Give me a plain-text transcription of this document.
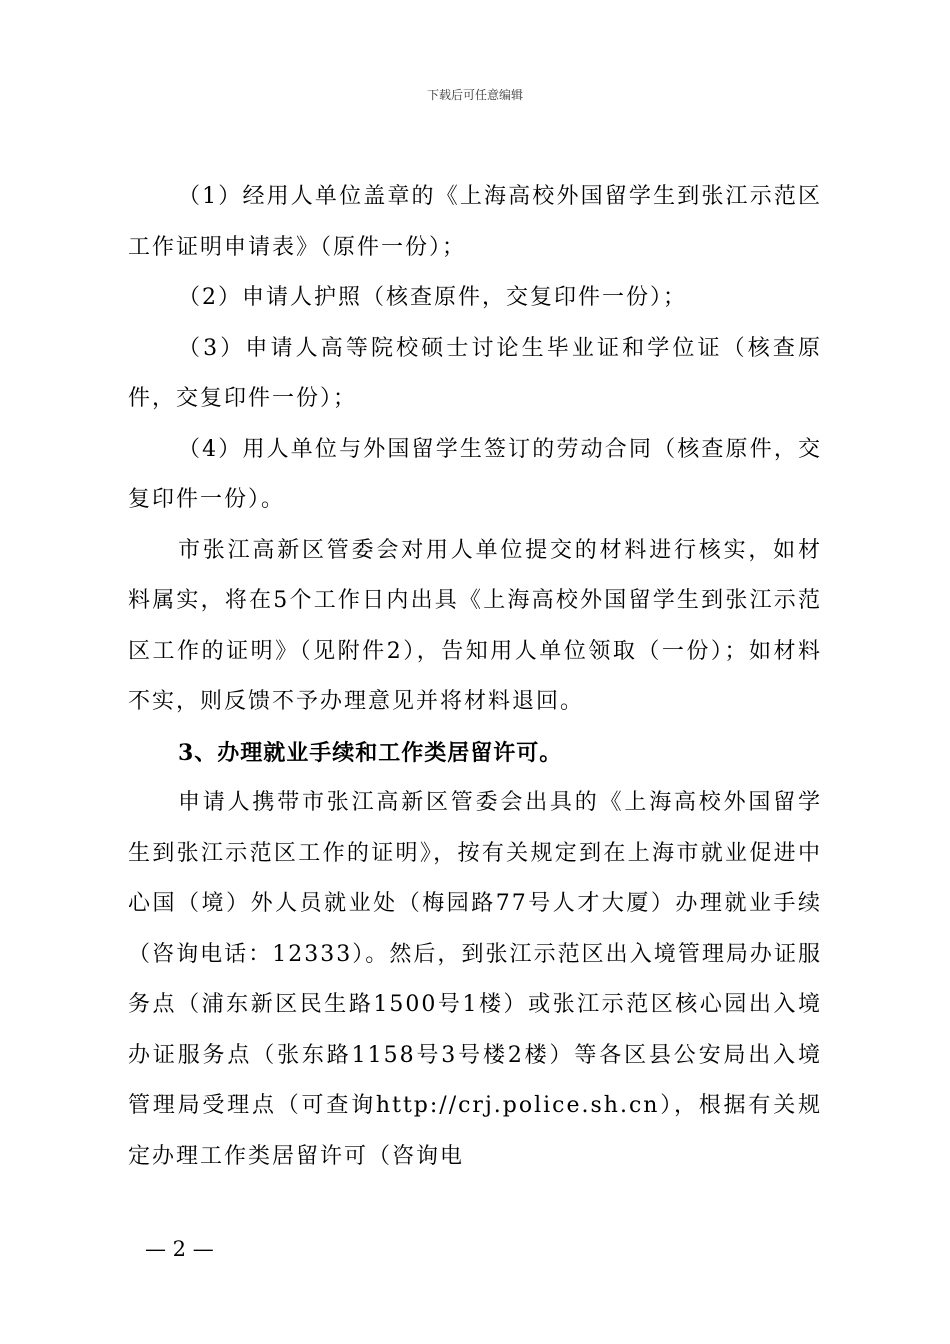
下载后可任意编辑

（1）经用人单位盖章的《上海高校外国留学生到张江示范区工作证明申请表》（原件一份）；

（2）申请人护照（核查原件，交复印件一份）；

（3）申请人高等院校硕士讨论生毕业证和学位证（核查原件，交复印件一份）；

（4）用人单位与外国留学生签订的劳动合同（核查原件，交复印件一份）。

市张江高新区管委会对用人单位提交的材料进行核实，如材料属实，将在5个工作日内出具《上海高校外国留学生到张江示范区工作的证明》（见附件2），告知用人单位领取（一份）；如材料不实，则反馈不予办理意见并将材料退回。

3、办理就业手续和工作类居留许可。

申请人携带市张江高新区管委会出具的《上海高校外国留学生到张江示范区工作的证明》，按有关规定到在上海市就业促进中心国（境）外人员就业处（梅园路77号人才大厦）办理就业手续（咨询电话：12333）。然后，到张江示范区出入境管理局办证服务点（浦东新区民生路1500号1楼）或张江示范区核心园出入境办证服务点（张东路1158号3号楼2楼）等各区县公安局出入境管理局受理点（可查询http://crj.police.sh.cn），根据有关规定办理工作类居留许可（咨询电

— 2 —
